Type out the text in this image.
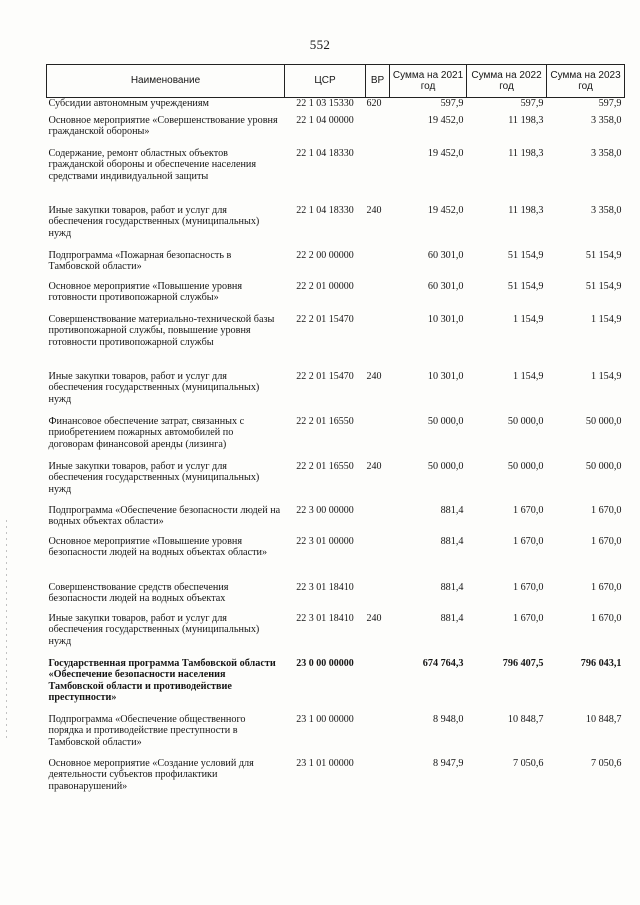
552
Наименование	ЦСР	ВР	Сумма на 2021 год	Сумма на 2022 год	Сумма на 2023 год
Субсидии автономным учреждениям	22 1 03 15330	620	597,9	597,9	597,9
Основное мероприятие «Совершенствование уровня гражданской обороны»	22 1 04 00000		19 452,0	11 198,3	3 358,0
Содержание, ремонт областных объектов гражданской обороны и обеспечение населения средствами индивидуальной защиты	22 1 04 18330		19 452,0	11 198,3	3 358,0
Иные закупки товаров, работ и услуг для обеспечения государственных (муниципальных) нужд	22 1 04 18330	240	19 452,0	11 198,3	3 358,0
Подпрограмма «Пожарная безопасность в Тамбовской области»	22 2 00 00000		60 301,0	51 154,9	51 154,9
Основное мероприятие «Повышение уровня готовности противопожарной службы»	22 2 01 00000		60 301,0	51 154,9	51 154,9
Совершенствование материально-технической базы противопожарной службы, повышение уровня готовности противопожарной службы	22 2 01 15470		10 301,0	1 154,9	1 154,9
Иные закупки товаров, работ и услуг для обеспечения государственных (муниципальных) нужд	22 2 01 15470	240	10 301,0	1 154,9	1 154,9
Финансовое обеспечение затрат, связанных с приобретением пожарных автомобилей по договорам финансовой аренды (лизинга)	22 2 01 16550		50 000,0	50 000,0	50 000,0
Иные закупки товаров, работ и услуг для обеспечения государственных (муниципальных) нужд	22 2 01 16550	240	50 000,0	50 000,0	50 000,0
Подпрограмма «Обеспечение безопасности людей на водных объектах области»	22 3 00 00000		881,4	1 670,0	1 670,0
Основное мероприятие «Повышение уровня безопасности людей на водных объектах области»	22 3 01 00000		881,4	1 670,0	1 670,0
Совершенствование средств обеспечения безопасности людей на водных объектах	22 3 01 18410		881,4	1 670,0	1 670,0
Иные закупки товаров, работ и услуг для обеспечения государственных (муниципальных) нужд	22 3 01 18410	240	881,4	1 670,0	1 670,0
Государственная программа Тамбовской области «Обеспечение безопасности населения Тамбовской области и противодействие преступности»	23 0 00 00000		674 764,3	796 407,5	796 043,1
Подпрограмма «Обеспечение общественного порядка и противодействие преступности в Тамбовской области»	23 1 00 00000		8 948,0	10 848,7	10 848,7
Основное мероприятие «Создание условий для деятельности субъектов профилактики правонарушений»	23 1 01 00000		8 947,9	7 050,6	7 050,6
